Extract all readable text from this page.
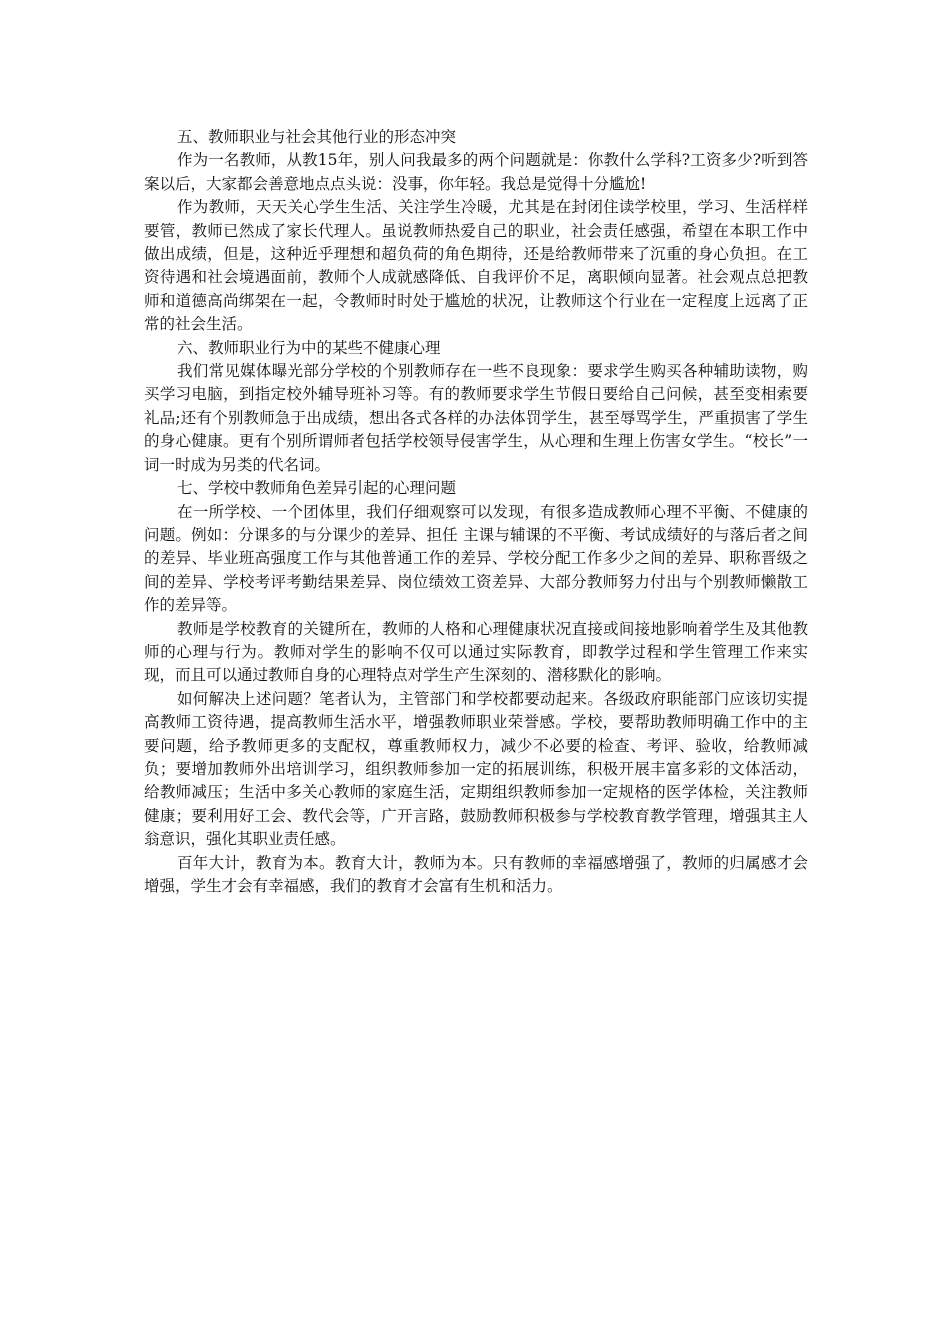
五、教师职业与社会其他行业的形态冲突

作为一名教师，从教15年，别人问我最多的两个问题就是：你教什么学科?工资多少?听到答案以后，大家都会善意地点点头说：没事，你年轻。我总是觉得十分尴尬!

作为教师，天天关心学生生活、关注学生冷暖，尤其是在封闭住读学校里，学习、生活样样要管，教师已然成了家长代理人。虽说教师热爱自己的职业，社会责任感强，希望在本职工作中做出成绩，但是，这种近乎理想和超负荷的角色期待，还是给教师带来了沉重的身心负担。在工资待遇和社会境遇面前，教师个人成就感降低、自我评价不足，离职倾向显著。社会观点总把教师和道德高尚绑架在一起，令教师时时处于尴尬的状况，让教师这个行业在一定程度上远离了正常的社会生活。

六、教师职业行为中的某些不健康心理

我们常见媒体曝光部分学校的个别教师存在一些不良现象：要求学生购买各种辅助读物，购买学习电脑，到指定校外辅导班补习等。有的教师要求学生节假日要给自己问候，甚至变相索要礼品;还有个别教师急于出成绩，想出各式各样的办法体罚学生，甚至辱骂学生，严重损害了学生的身心健康。更有个别所谓师者包括学校领导侵害学生，从心理和生理上伤害女学生。“校长”一词一时成为另类的代名词。

七、学校中教师角色差异引起的心理问题

在一所学校、一个团体里，我们仔细观察可以发现，有很多造成教师心理不平衡、不健康的问题。例如：分课多的与分课少的差异、担任 主课与辅课的不平衡、考试成绩好的与落后者之间的差异、毕业班高强度工作与其他普通工作的差异、学校分配工作多少之间的差异、职称晋级之间的差异、学校考评考勤结果差异、岗位绩效工资差异、大部分教师努力付出与个别教师懒散工作的差异等。

教师是学校教育的关键所在，教师的人格和心理健康状况直接或间接地影响着学生及其他教师的心理与行为。教师对学生的影响不仅可以通过实际教育，即教学过程和学生管理工作来实现，而且可以通过教师自身的心理特点对学生产生深刻的、潜移默化的影响。

如何解决上述问题？笔者认为，主管部门和学校都要动起来。各级政府职能部门应该切实提高教师工资待遇，提高教师生活水平，增强教师职业荣誉感。学校，要帮助教师明确工作中的主要问题，给予教师更多的支配权，尊重教师权力，减少不必要的检查、考评、验收，给教师减负；要增加教师外出培训学习，组织教师参加一定的拓展训练，积极开展丰富多彩的文体活动，给教师减压；生活中多关心教师的家庭生活，定期组织教师参加一定规格的医学体检，关注教师健康；要利用好工会、教代会等，广开言路，鼓励教师积极参与学校教育教学管理，增强其主人翁意识，强化其职业责任感。

百年大计，教育为本。教育大计，教师为本。只有教师的幸福感增强了，教师的归属感才会增强，学生才会有幸福感，我们的教育才会富有生机和活力。
